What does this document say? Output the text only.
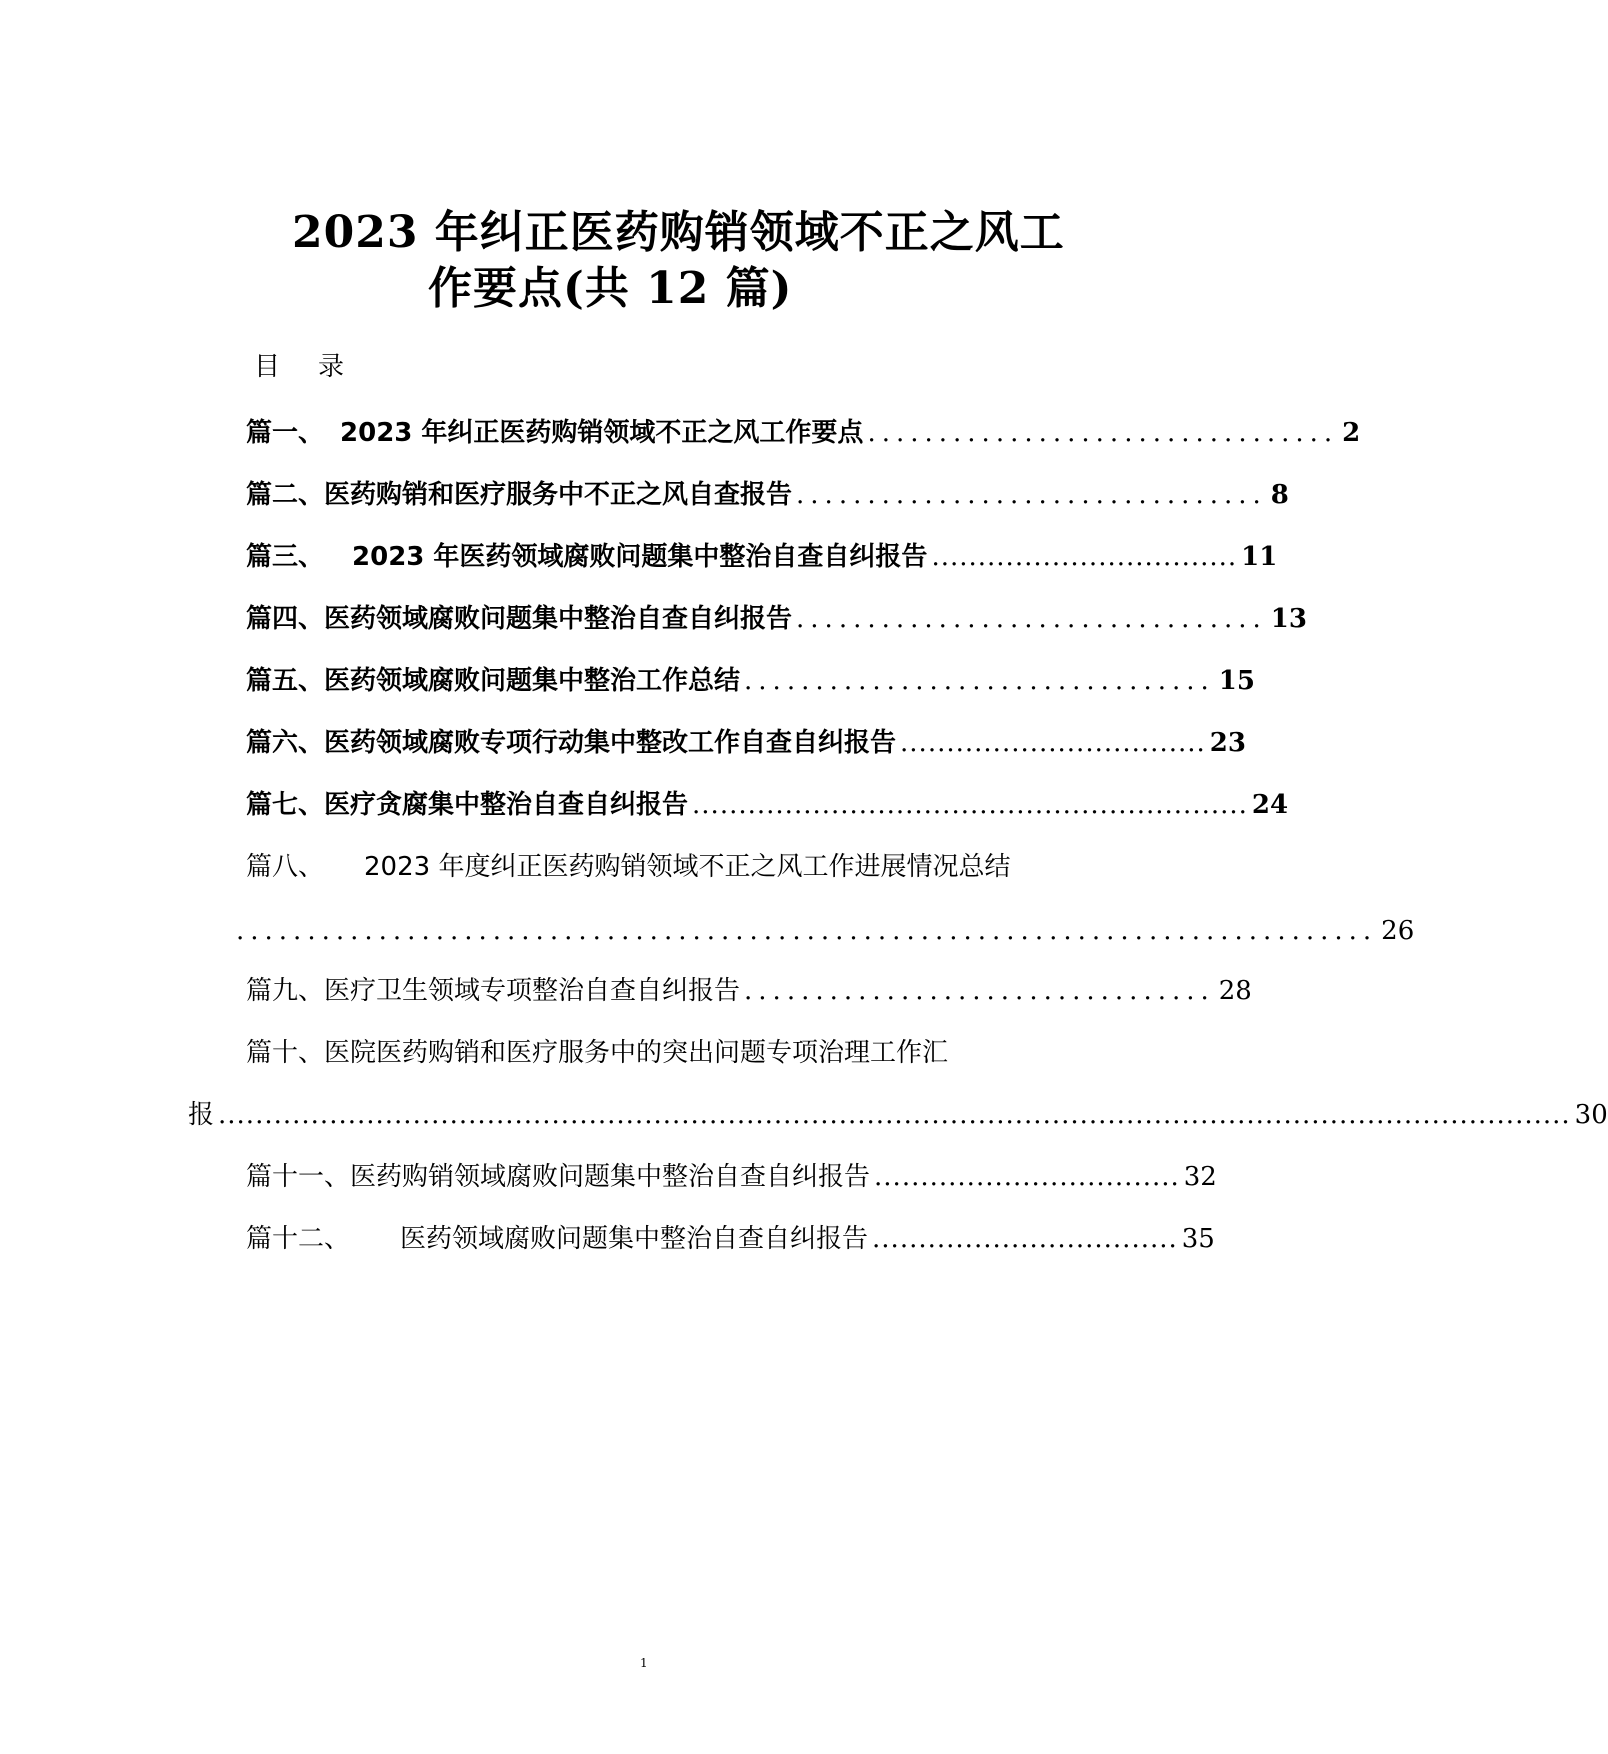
2023 年纠正医药购销领域不正之风工
作要点(共 12 篇)
目录
篇一、 2023 年纠正医药购销领域不正之风工作要点 ................................. 2
篇二、 医药购销和医疗服务中不正之风自查报告 ................................. 8
篇三、 2023 年医药领域腐败问题集中整治自查自纠报告 ................................. 11
篇四、 医药领域腐败问题集中整治自查自纠报告 ................................. 13
篇五、 医药领域腐败问题集中整治工作总结 ................................. 15
篇六、 医药领域腐败专项行动集中整改工作自查自纠报告 ................................. 23
篇七、 医疗贪腐集中整治自查自纠报告 ............................................................ 24
篇八、 2023 年度纠正医药购销领域不正之风工作进展情况总结
................................................................................ 26
篇九、 医疗卫生领域专项整治自查自纠报告 ................................. 28
篇十、医院医药购销和医疗服务中的突出问题专项治理工作汇
报 .................................................................................................................................................. 30
篇十一、 医药购销领域腐败问题集中整治自查自纠报告 ................................. 32
篇十二、 医药领域腐败问题集中整治自查自纠报告 ................................. 35
1
